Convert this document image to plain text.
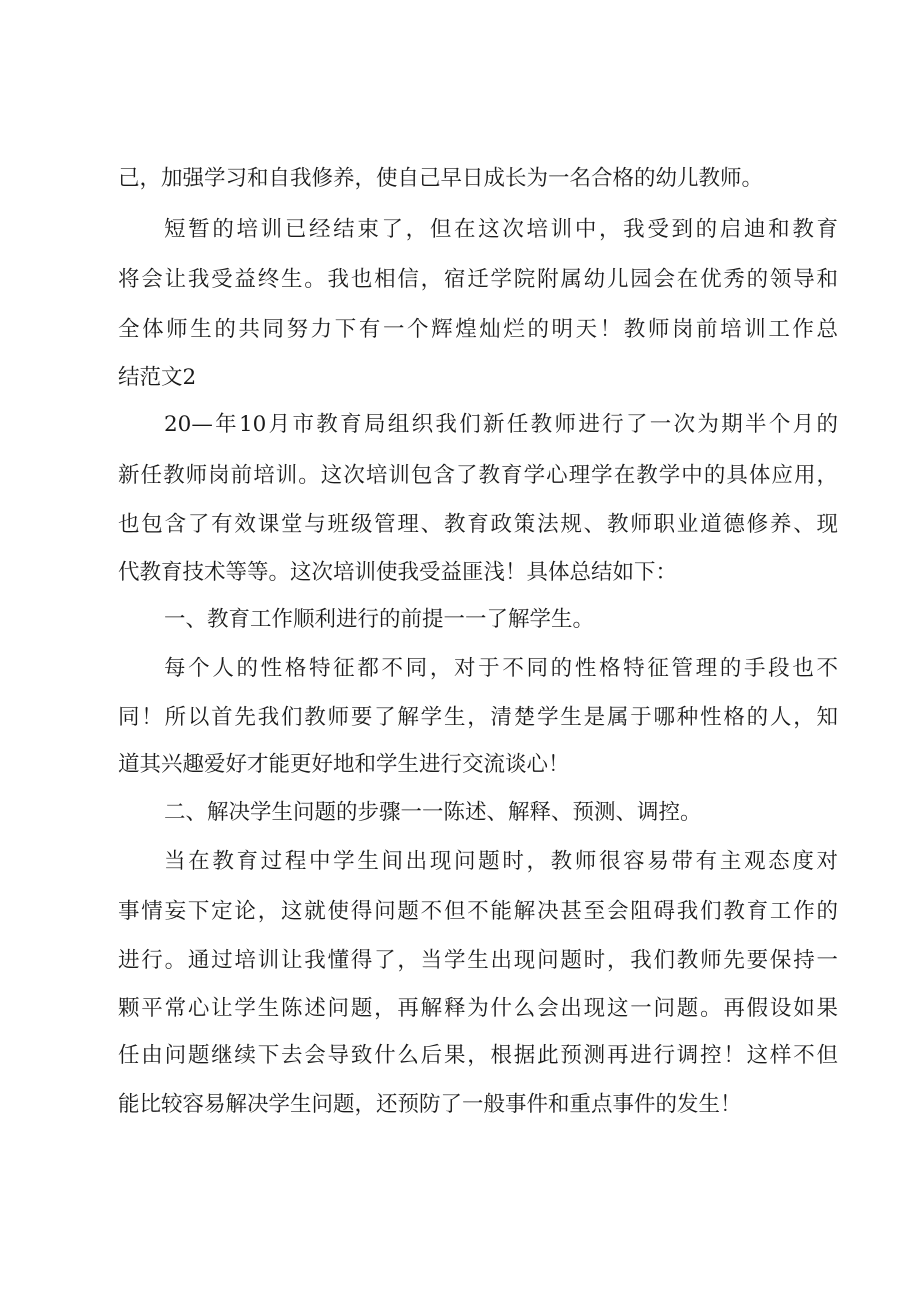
己，加强学习和自我修养，使自己早日成长为一名合格的幼儿教师。
短暂的培训已经结束了，但在这次培训中，我受到的启迪和教育
将会让我受益终生。我也相信，宿迁学院附属幼儿园会在优秀的领导和
全体师生的共同努力下有一个辉煌灿烂的明天！教师岗前培训工作总
结范文2
20—年10月市教育局组织我们新任教师进行了一次为期半个月的
新任教师岗前培训。这次培训包含了教育学心理学在教学中的具体应用，
也包含了有效课堂与班级管理、教育政策法规、教师职业道德修养、现
代教育技术等等。这次培训使我受益匪浅！具体总结如下：
一、教育工作顺利进行的前提一一了解学生。
每个人的性格特征都不同，对于不同的性格特征管理的手段也不
同！所以首先我们教师要了解学生，清楚学生是属于哪种性格的人，知
道其兴趣爱好才能更好地和学生进行交流谈心！
二、解决学生问题的步骤一一陈述、解释、预测、调控。
当在教育过程中学生间出现问题时，教师很容易带有主观态度对
事情妄下定论，这就使得问题不但不能解决甚至会阻碍我们教育工作的
进行。通过培训让我懂得了，当学生出现问题时，我们教师先要保持一
颗平常心让学生陈述问题，再解释为什么会出现这一问题。再假设如果
任由问题继续下去会导致什么后果，根据此预测再进行调控！这样不但
能比较容易解决学生问题，还预防了一般事件和重点事件的发生！
